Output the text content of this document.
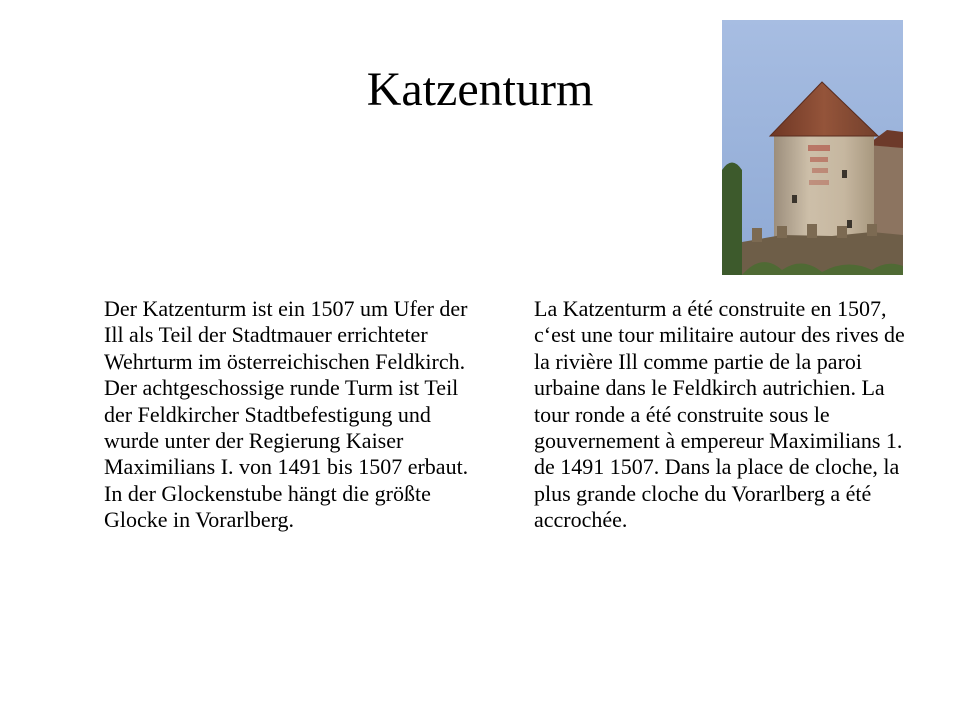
Katzenturm

Der Katzenturm ist ein 1507 um Ufer der Ill als Teil der Stadtmauer errichteter Wehrturm im österreichischen Feldkirch. Der achtgeschossige runde Turm ist Teil der Feldkircher Stadtbefestigung und wurde unter der Regierung Kaiser Maximilians I. von 1491 bis 1507 erbaut. In der Glockenstube hängt die größte Glocke in Vorarlberg.

La Katzenturm a été construite en 1507, c‘est une tour militaire autour des rives de la rivière Ill comme partie de la paroi urbaine dans le Feldkirch autrichien. La tour ronde a été construite sous le gouvernement à empereur Maximilians 1. de 1491 1507. Dans la place de cloche, la plus grande cloche du Vorarlberg a été accrochée.
